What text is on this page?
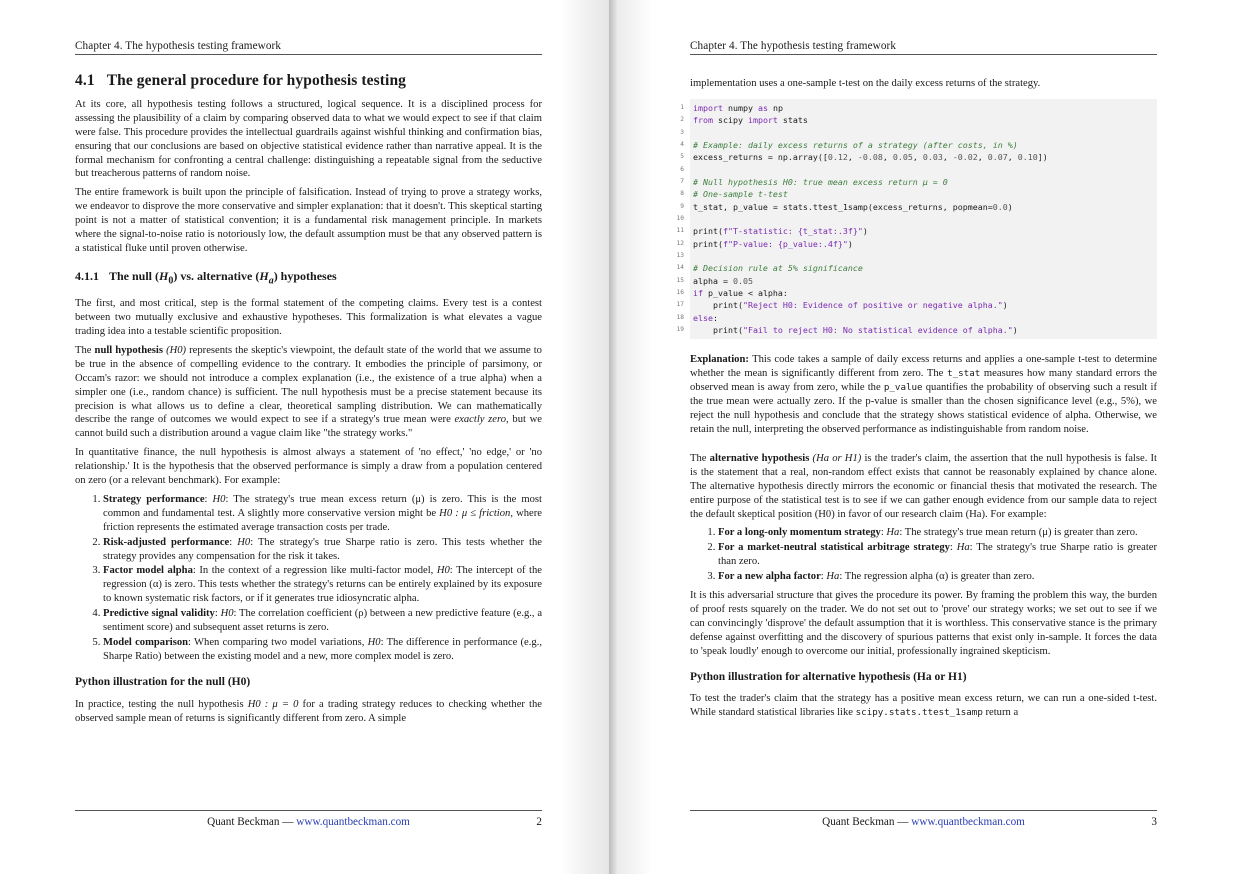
Chapter 4. The hypothesis testing framework
4.1 The general procedure for hypothesis testing

At its core, all hypothesis testing follows a structured, logical sequence. It is a disciplined process for assessing the plausibility of a claim by comparing observed data to what we would expect to see if that claim were false. This procedure provides the intellectual guardrails against wishful thinking and confirmation bias, ensuring that our conclusions are based on objective statistical evidence rather than narrative appeal. It is the formal mechanism for confronting a central challenge: distinguishing a repeatable signal from the seductive but treacherous patterns of random noise.

The entire framework is built upon the principle of falsification. Instead of trying to prove a strategy works, we endeavor to disprove the more conservative and simpler explanation: that it doesn't. This skeptical starting point is not a matter of statistical convention; it is a fundamental risk management principle. In markets where the signal-to-noise ratio is notoriously low, the default assumption must be that any observed pattern is a statistical fluke until proven otherwise.

4.1.1 The null $(H_0)$ vs. alternative $(H_a)$ hypotheses

The first, and most critical, step is the formal statement of the competing claims. Every test is a contest between two mutually exclusive and exhaustive hypotheses. This formalization is what elevates a vague trading idea into a testable scientific proposition.

The null hypothesis (H0) represents the skeptic's viewpoint, the default state of the world that we assume to be true in the absence of compelling evidence to the contrary. It embodies the principle of parsimony, or Occam's razor: we should not introduce a complex explanation (i.e., the existence of a true alpha) when a simpler one (i.e., random chance) is sufficient. The null hypothesis must be a precise statement because its precision is what allows us to define a clear, theoretical sampling distribution. We can mathematically describe the range of outcomes we would expect to see if a strategy's true mean were exactly zero, but we cannot build such a distribution around a vague claim like "the strategy works."

In quantitative finance, the null hypothesis is almost always a statement of 'no effect,' 'no edge,' or 'no relationship.' It is the hypothesis that the observed performance is simply a draw from a population centered on zero (or a relevant benchmark). For example:

1. Strategy performance: H0: The strategy's true mean excess return (μ) is zero. This is the most common and fundamental test. A slightly more conservative version might be H0 : μ ≤ friction, where friction represents the estimated average transaction costs per trade.
2. Risk-adjusted performance: H0: The strategy's true Sharpe ratio is zero. This tests whether the strategy provides any compensation for the risk it takes.
3. Factor model alpha: In the context of a regression like multi-factor model, H0: The intercept of the regression (α) is zero. This tests whether the strategy's returns can be entirely explained by its exposure to known systematic risk factors, or if it generates true idiosyncratic alpha.
4. Predictive signal validity: H0: The correlation coefficient (ρ) between a new predictive feature (e.g., a sentiment score) and subsequent asset returns is zero.
5. Model comparison: When comparing two model variations, H0: The difference in performance (e.g., Sharpe Ratio) between the existing model and a new, more complex model is zero.
Python illustration for the null (H0)

In practice, testing the null hypothesis H0 : μ = 0 for a trading strategy reduces to checking whether the observed sample mean of returns is significantly different from zero. A simple

Quant Beckman — www.quantbeckman.com	2
Chapter 4. The hypothesis testing framework

implementation uses a one-sample t-test on the daily excess returns of the strategy.

1 import numpy as np
2 from scipy import stats
3
4 # Example: daily excess returns of a strategy (after costs, in %)
5 excess_returns = np.array([0.12, -0.08, 0.05, 0.03, -0.02, 0.07, 0.10])
6
7 # Null hypothesis H0: true mean excess return μ = 0
8 # One-sample t-test
9 t_stat, p_value = stats.ttest_1samp(excess_returns, popmean=0.0)
10
11 print(f"T-statistic: {t_stat:.3f}")
12 print(f"P-value: {p_value:.4f}")
13
14 # Decision rule at 5% significance
15 alpha = 0.05
16 if p_value < alpha:
17 print("Reject H0: Evidence of positive or negative alpha.")
18 else:
19 print("Fail to reject H0: No statistical evidence of alpha.")

Explanation: This code takes a sample of daily excess returns and applies a one-sample t-test to determine whether the mean is significantly different from zero. The t_stat measures how many standard errors the observed mean is away from zero, while the p_value quantifies the probability of observing such a result if the true mean were actually zero. If the p-value is smaller than the chosen significance level (e.g., 5%), we reject the null hypothesis and conclude that the strategy shows statistical evidence of alpha. Otherwise, we retain the null, interpreting the observed performance as indistinguishable from random noise.

The alternative hypothesis (Ha or H1) is the trader's claim, the assertion that the null hypothesis is false. It is the statement that a real, non-random effect exists that cannot be reasonably explained by chance alone. The alternative hypothesis directly mirrors the economic or financial thesis that motivated the research. The entire purpose of the statistical test is to see if we can gather enough evidence from our sample data to reject the default skeptical position (H0) in favor of our research claim (Ha). For example:

1. For a long-only momentum strategy: Ha: The strategy's true mean return (μ) is greater than zero.
2. For a market-neutral statistical arbitrage strategy: Ha: The strategy's true Sharpe ratio is greater than zero.
3. For a new alpha factor: Ha: The regression alpha (α) is greater than zero.

It is this adversarial structure that gives the procedure its power. By framing the problem this way, the burden of proof rests squarely on the trader. We do not set out to 'prove' our strategy works; we set out to see if we can convincingly 'disprove' the default assumption that it is worthless. This conservative stance is the primary defense against overfitting and the discovery of spurious patterns that exist only in-sample. It forces the data to 'speak loudly' enough to overcome our initial, professionally ingrained skepticism.

Python illustration for alternative hypothesis (Ha or H1)

To test the trader's claim that the strategy has a positive mean excess return, we can run a one-sided t-test. While standard statistical libraries like scipy.stats.ttest_1samp return a

Quant Beckman — www.quantbeckman.com	3
